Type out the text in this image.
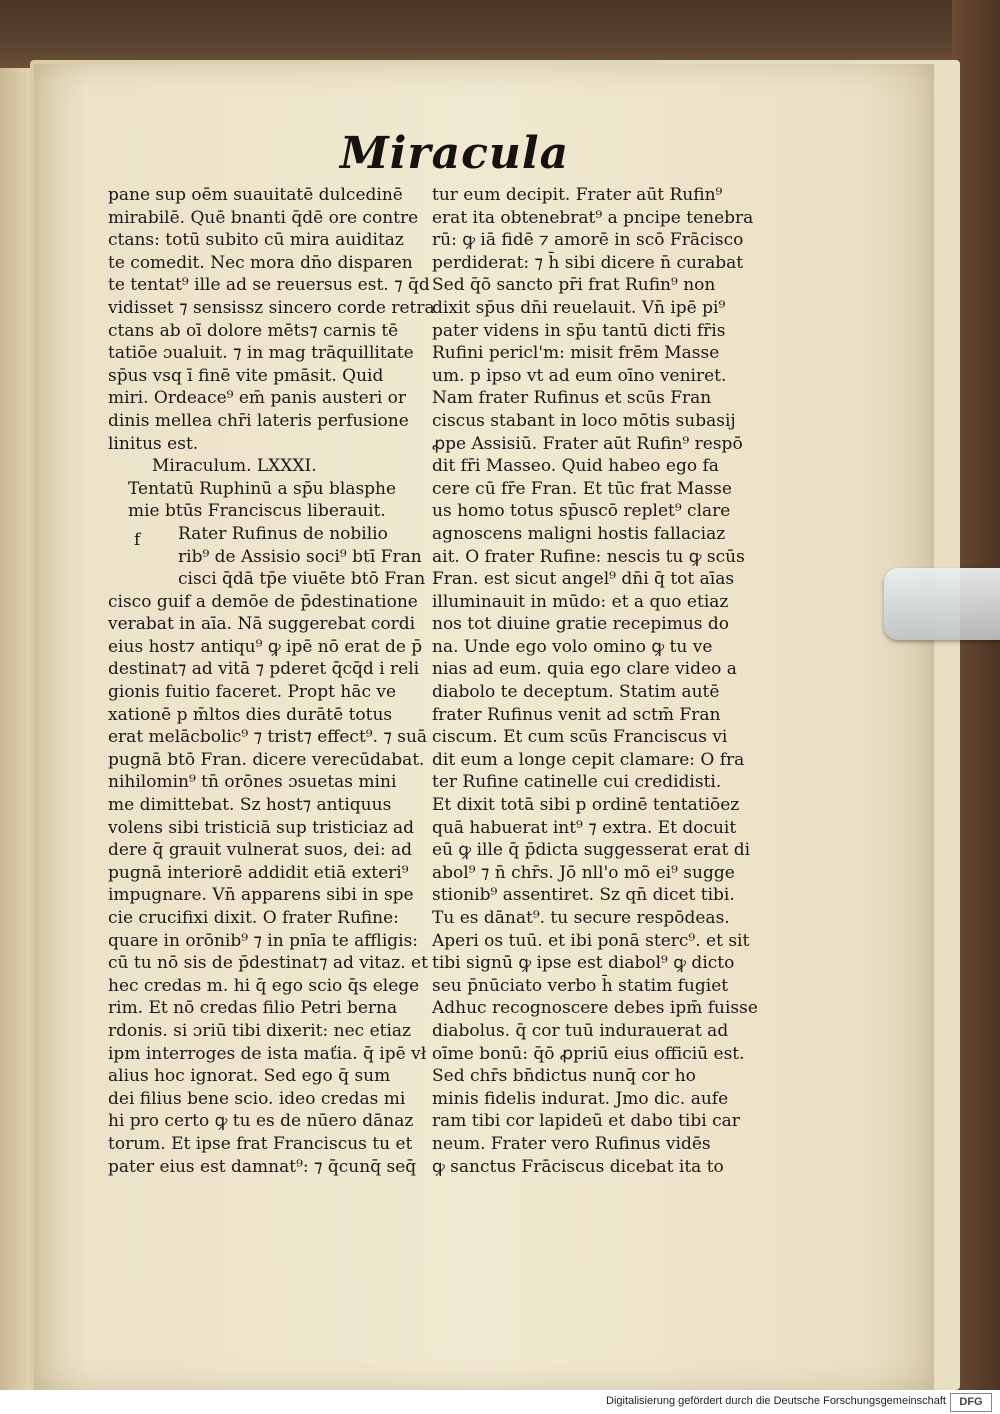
Miracula
pane sup oēm suauitatē dulcedinē
mirabilē. Quē bnanti q̄dē ore contre
ctans: totū subito cū mira auiditaz
te comedit. Nec mora dn̄o disparen
te tentat⁹ ille ad se reuersus est. ⁊ q̄d
vidisset ⁊ sensissz sincero corde retra
ctans ab oī dolore mēts⁊ carnis tē
tatiōe ɔualuit. ⁊ in mag trāquillitate
sp̄us vsq ī finē vite pmāsit. Quid
miri. Ordeace⁹ em̄ panis austeri or
dinis mellea chr̄i lateris perfusione
linitus est.
Miraculum. LXXXI.
Tentatū Ruphinū a sp̄u blasphe
mie btūs Franciscus liberauit.
Rater Rufinus de nobilio
rib⁹ de Assisio soci⁹ btī Fran
cisci q̄dā tp̄e viuēte btō Fran
cisco guif a demōe de p̄destinatione
verabat in aīa. Nā suggerebat cordi
eius host⁊ antiqu⁹ ꝙ ipē nō erat de p̄
destinat⁊ ad vitā ⁊ pderet q̄cq̄d i reli
gionis fuitio faceret. Propt hāc ve
xationē p m̄ltos dies durātē totus
erat melācbolic⁹ ⁊ trist⁊ effect⁹. ⁊ suā
pugnā btō Fran. dicere verecūdabat.
nihilomin⁹ tn̄ orōnes ɔsuetas mini
me dimittebat. Sz host⁊ antiquus
volens sibi tristiciā sup tristiciaz ad
dere q̄ grauit vulnerat suos, dei: ad
pugnā interiorē addidit etiā exteri⁹
impugnare. Vn̄ apparens sibi in spe
cie crucifixi dixit. O frater Rufine:
quare in orōnib⁹ ⁊ in pnīa te affligis:
cū tu nō sis de p̄destinat⁊ ad vitaz. et
hec credas m. hi q̄ ego scio q̄s elege
rim. Et nō credas filio Petri berna
rdonis. si ɔriū tibi dixerit: nec etiaz
ipm interroges de ista maťia. q̄ ipē vł
alius hoc ignorat. Sed ego q̄ sum
dei filius bene scio. ideo credas mi
hi pro certo ꝙ tu es de nūero dānaz
torum. Et ipse frat Franciscus tu et
pater eius est damnat⁹: ⁊ q̄cunq̄ seq̄
f
tur eum decipit. Frater aūt Rufin⁹
erat ita obtenebrat⁹ a pncipe tenebra
rū: ꝙ iā fidē ⁊ amorē in scō Frācisco
perdiderat: ⁊ h̄ sibi dicere n̄ curabat
Sed q̄ō sancto pr̄i frat Rufin⁹ non
dixit sp̄us dn̄i reuelauit. Vn̄ ipē pi⁹
pater videns in sp̄u tantū dicti fr̄is
Rufini pericl'm: misit frēm Masse
um. p ipso vt ad eum oīno veniret.
Nam frater Rufinus et scūs Fran
ciscus stabant in loco mōtis subasij
ꝓpe Assisiū. Frater aūt Rufin⁹ respō
dit fr̄i Masseo. Quid habeo ego fa
cere cū fr̄e Fran. Et tūc frat Masse
us homo totus sp̄uscō replet⁹ clare
agnoscens maligni hostis fallaciaz
ait. O frater Rufine: nescis tu ꝙ scūs
Fran. est sicut angel⁹ dn̄i q̄ tot aīas
illuminauit in mūdo: et a quo etiaz
nos tot diuine gratie recepimus do
na. Unde ego volo omino ꝙ tu ve
nias ad eum. quia ego clare video a
diabolo te deceptum. Statim autē
frater Rufinus venit ad sctm̄ Fran
ciscum. Et cum scūs Franciscus vi
dit eum a longe cepit clamare: O fra
ter Rufine catinelle cui credidisti.
Et dixit totā sibi p ordinē tentatiōez
quā habuerat int⁹ ⁊ extra. Et docuit
eū ꝙ ille q̄ p̄dicta suggesserat erat di
abol⁹ ⁊ n̄ chr̄s. Jō nll'o mō ei⁹ sugge
stionib⁹ assentiret. Sz qn̄ dicet tibi.
Tu es dānat⁹. tu secure respōdeas.
Aperi os tuū. et ibi ponā sterc⁹. et sit
tibi signū ꝙ ipse est diabol⁹ ꝙ dicto
seu p̄nūciato verbo h̄ statim fugiet
Adhuc recognoscere debes ipm̄ fuisse
diabolus. q̄ cor tuū indurauerat ad
oīme bonū: q̄ō ꝓpriū eius officiū est.
Sed chr̄s bn̄dictus nunq̄ cor ho
minis fidelis indurat. Jmo dic. aufe
ram tibi cor lapideū et dabo tibi car
neum. Frater vero Rufinus vidēs
ꝙ sanctus Frāciscus dicebat ita to
Digitalisierung gefördert durch die Deutsche Forschungsgemeinschaft	DFG
